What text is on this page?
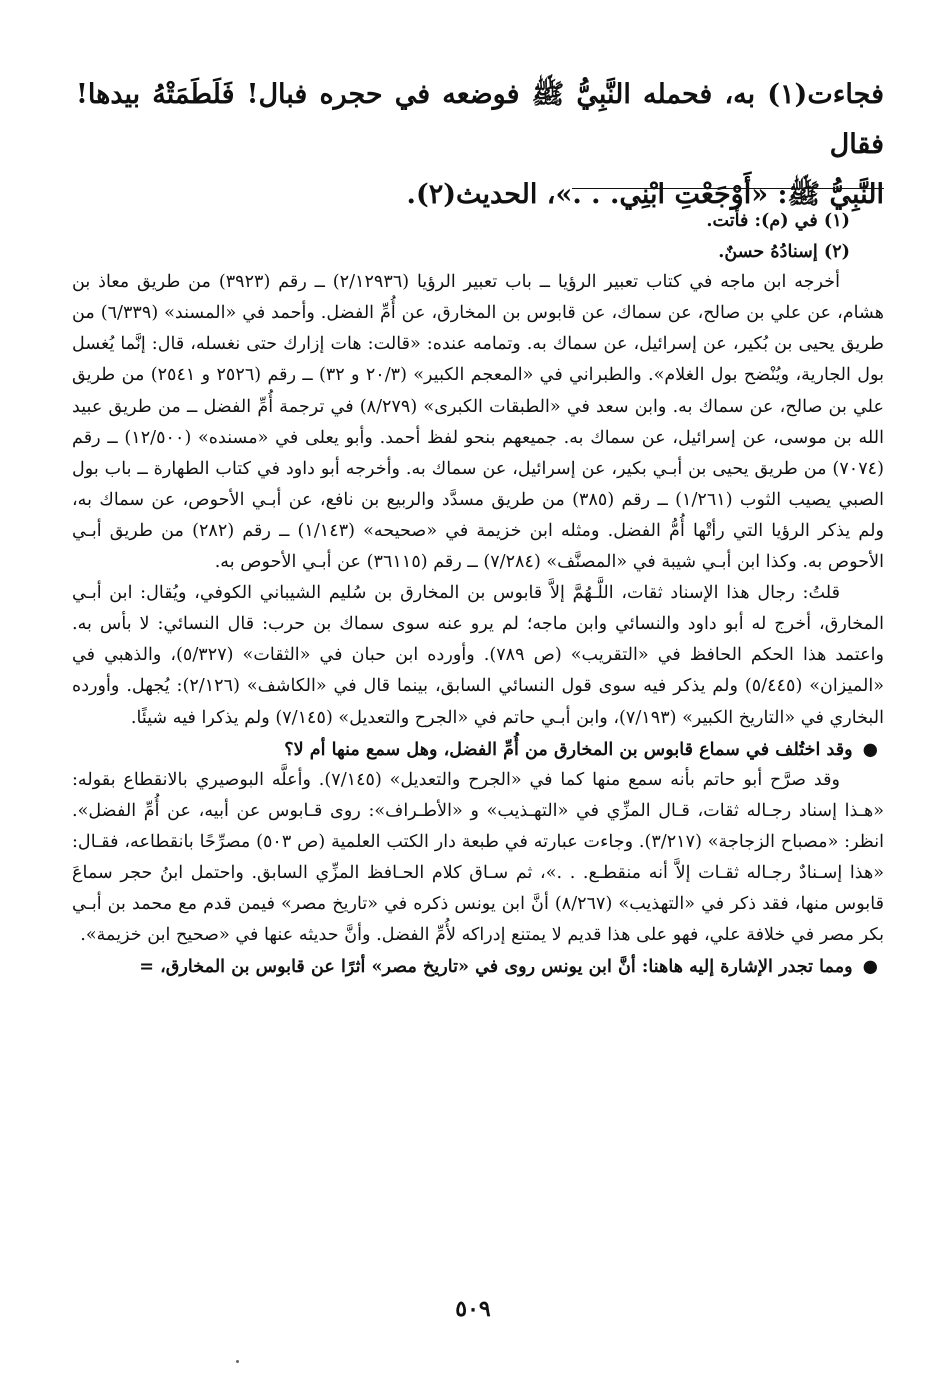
فجاءت(١) به، فحمله النَّبِيُّ ﷺ فوضعه في حجره فبال! فَلَطَمَتْهُ بيدها! فقال

النَّبِيُّ ﷺ: «أَوْجَعْتِ ابْنِي. . .»، الحديث(٢).

(١) في (م): فأتت.

(٢) إسنادُهُ حسنٌ.

أخرجه ابن ماجه في كتاب تعبير الرؤيا ــ باب تعبير الرؤيا (٢/١٢٩٣٦) ــ رقم (٣٩٢٣) من طريق معاذ بن هشام، عن علي بن صالح، عن سماك، عن قابوس بن المخارق، عن أُمِّ الفضل. وأحمد في «المسند» (٦/٣٣٩) من طريق يحيى بن بُكير، عن إسرائيل، عن سماك به. وتمامه عنده: «قالت: هات إزارك حتى نغسله، قال: إنَّما يُغسل بول الجارية، ويُنْضح بول الغلام». والطبراني في «المعجم الكبير» (٢٠/٣ و ٣٢) ــ رقم (٢٥٢٦ و ٢٥٤١) من طريق علي بن صالح، عن سماك به. وابن سعد في «الطبقات الكبرى» (٨/٢٧٩) في ترجمة أُمِّ الفضل ــ من طريق عبيد الله بن موسى، عن إسرائيل، عن سماك به. جميعهم بنحو لفظ أحمد. وأبو يعلى في «مسنده» (١٢/٥٠٠) ــ رقم (٧٠٧٤) من طريق يحيى بن أبـي بكير، عن إسرائيل، عن سماك به. وأخرجه أبو داود في كتاب الطهارة ــ باب بول الصبي يصيب الثوب (١/٢٦١) ــ رقم (٣٨٥) من طريق مسدَّد والربيع بن نافع، عن أبـي الأحوص، عن سماك به، ولم يذكر الرؤيا التي رأتْها أُمُّ الفضل. ومثله ابن خزيمة في «صحيحه» (١/١٤٣) ــ رقم (٢٨٢) من طريق أبـي الأحوص به. وكذا ابن أبـي شيبة في «المصنَّف» (٧/٢٨٤) ــ رقم (٣٦١١٥) عن أبـي الأحوص به.

قلتُ: رجال هذا الإسناد ثقات، اللَّـهُمَّ إلاَّ قابوس بن المخارق بن سُليم الشيباني الكوفي، ويُقال: ابن أبـي المخارق، أخرج له أبو داود والنسائي وابن ماجه؛ لم يرو عنه سوى سماك بن حرب: قال النسائي: لا بأس به. واعتمد هذا الحكم الحافظ في «التقريب» (ص ٧٨٩). وأورده ابن حبان في «الثقات» (٥/٣٢٧)، والذهبي في «الميزان» (٥/٤٤٥) ولم يذكر فيه سوى قول النسائي السابق، بينما قال في «الكاشف» (٢/١٢٦): يُجهل. وأورده البخاري في «التاريخ الكبير» (٧/١٩٣)، وابن أبـي حاتم في «الجرح والتعديل» (٧/١٤٥) ولم يذكرا فيه شيئًا.

●وقد اختُلف في سماع قابوس بن المخارق من أُمِّ الفضل، وهل سمع منها أم لا؟

وقد صرَّح أبو حاتم بأنه سمع منها كما في «الجرح والتعديل» (٧/١٤٥). وأعلَّه البوصيري بالانقطاع بقوله: «هـذا إسناد رجـاله ثقات، قـال المزِّي في «التهـذيب» و «الأطـراف»: روى قـابوس عن أبيه، عن أُمِّ الفضل». انظر: «مصباح الزجاجة» (٣/٢١٧). وجاءت عبارته في طبعة دار الكتب العلمية (ص ٥٠٣) مصرِّحًا بانقطاعه، فقـال: «هذا إسـنادٌ رجـاله ثقـات إلاَّ أنه منقطـع. . .»، ثم سـاق كلام الحـافظ المزِّي السابق. واحتمل ابنُ حجر سماعَ قابوس منها، فقد ذكر في «التهذيب» (٨/٢٦٧) أنَّ ابن يونس ذكره في «تاريخ مصر» فيمن قدم مع محمد بن أبـي بكر مصر في خلافة علي، فهو على هذا قديم لا يمتنع إدراكه لأُمِّ الفضل. وأنَّ حديثه عنها في «صحيح ابن خزيمة».

●ومما تجدر الإشارة إليه هاهنا: أنَّ ابن يونس روى في «تاريخ مصر» أثرًا عن قابوس بن المخارق، =

٥٠٩
